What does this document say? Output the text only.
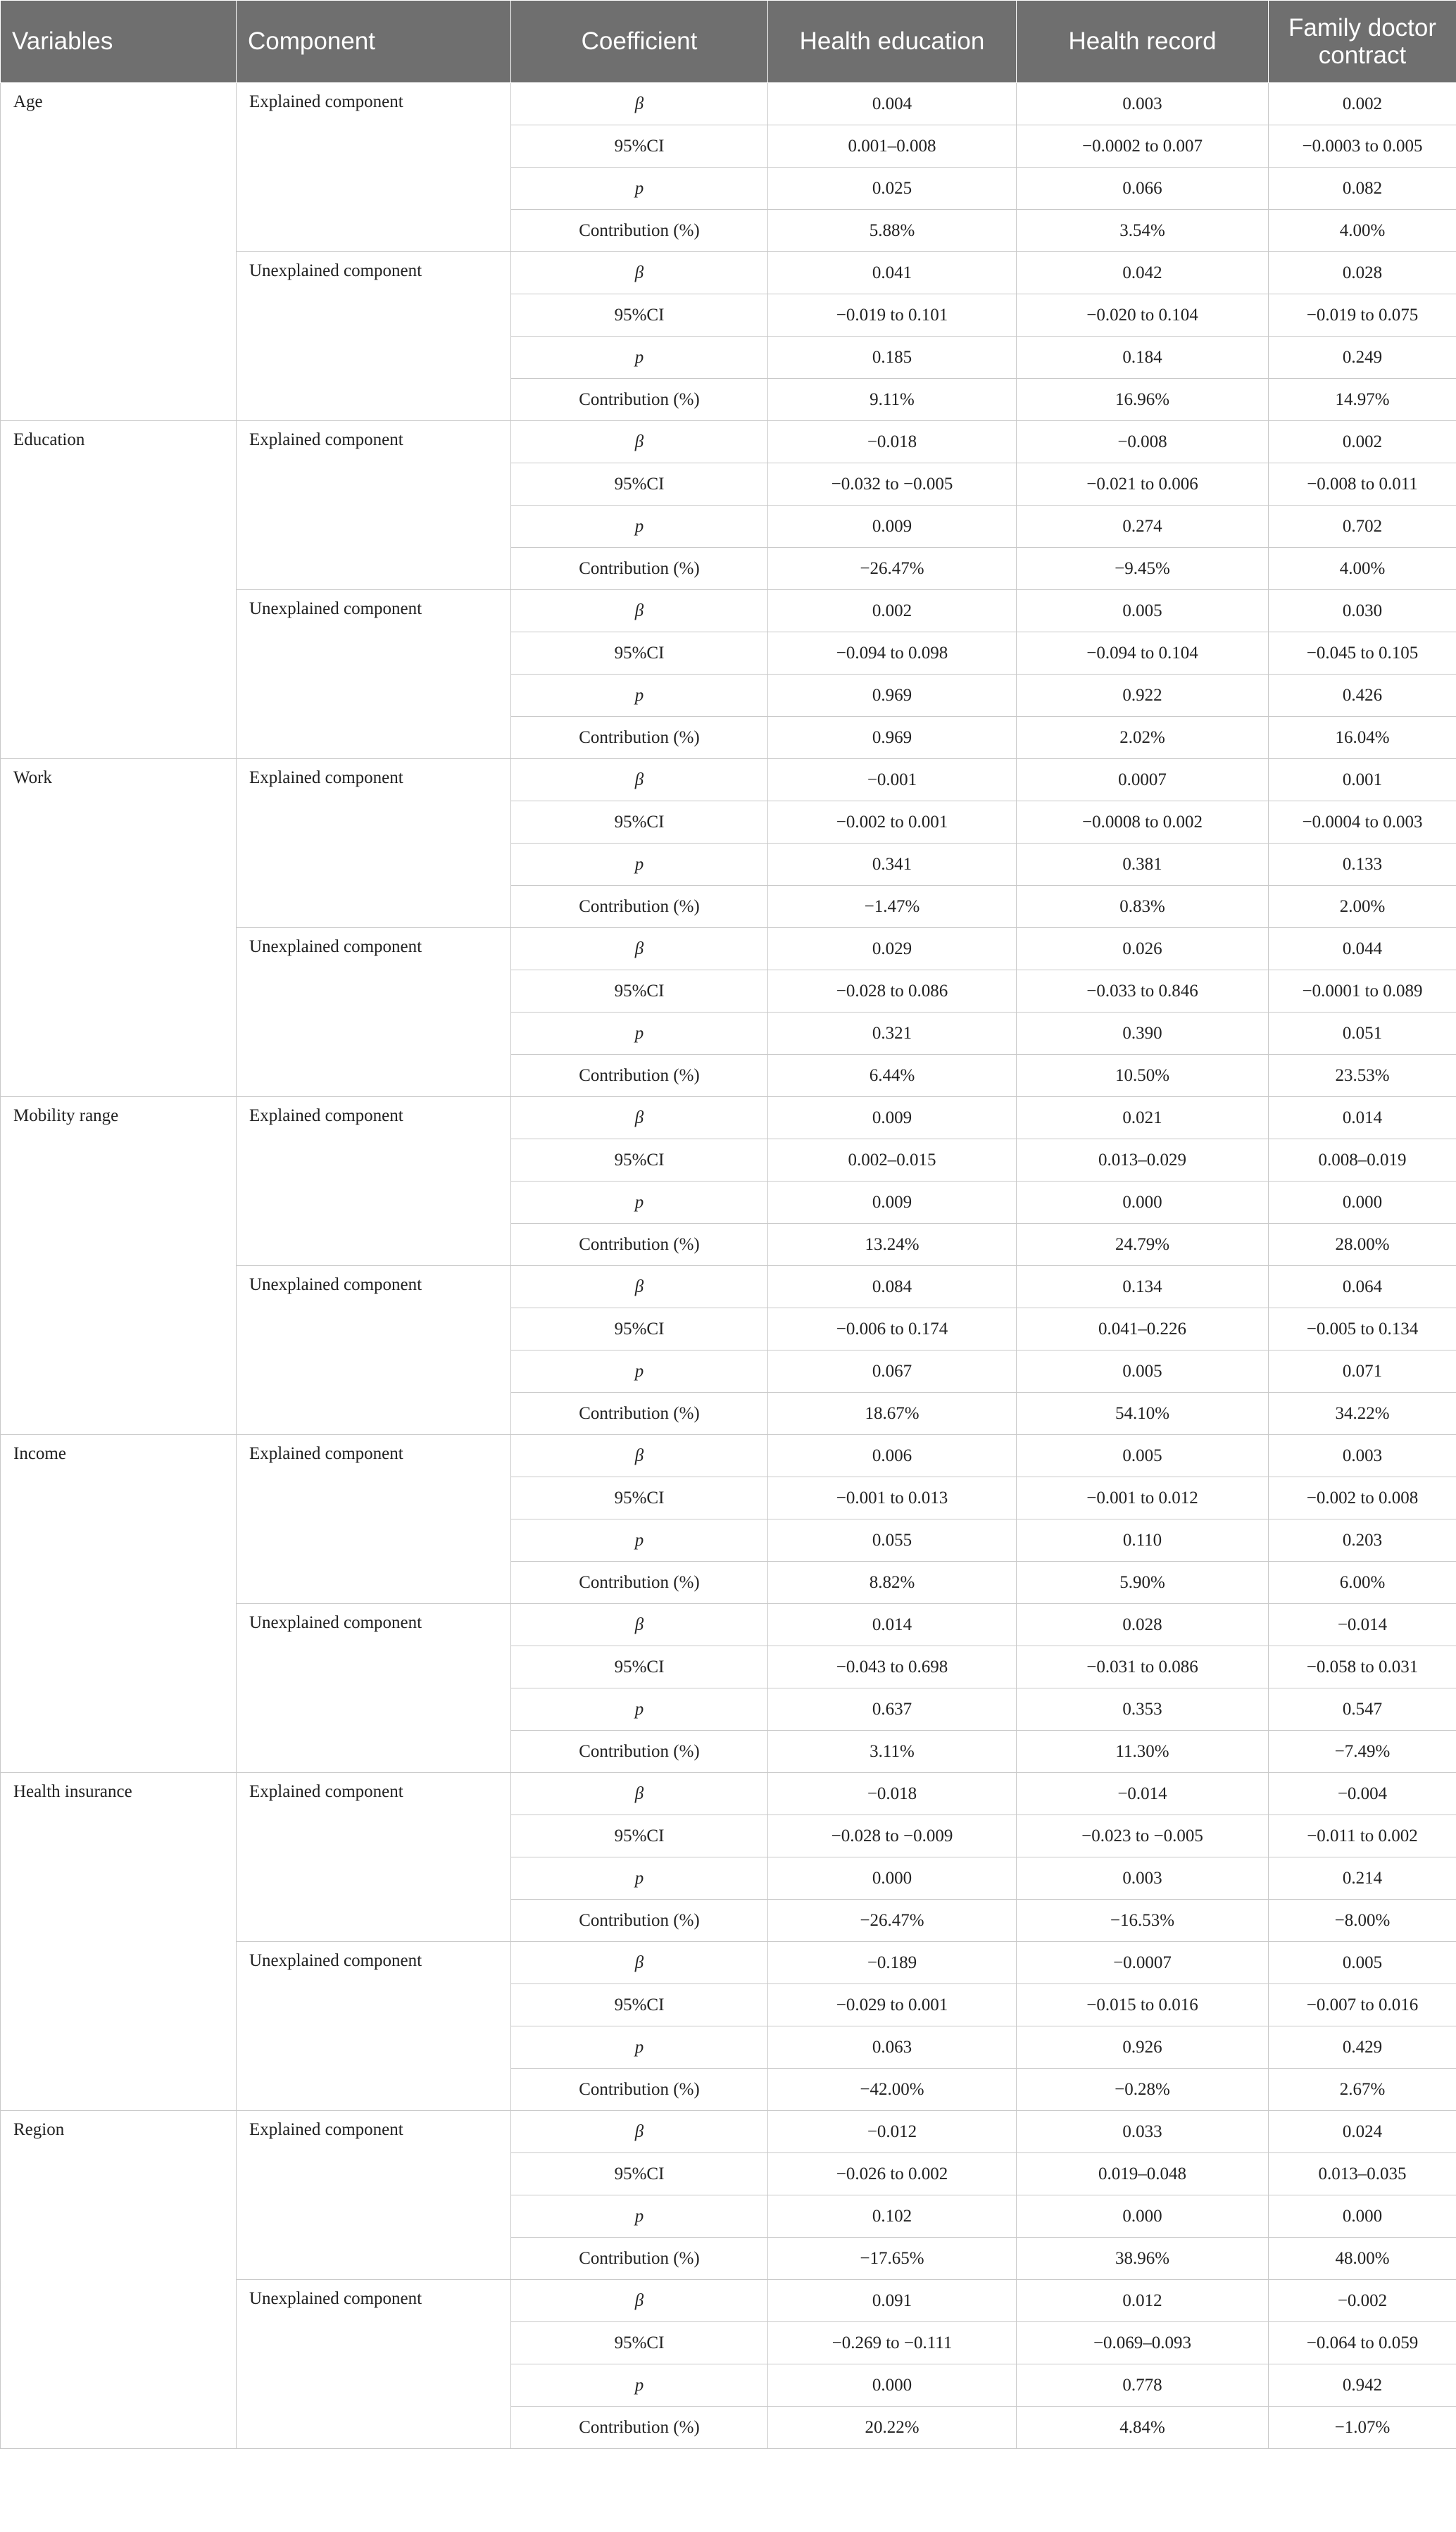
Variables	Component	Coefficient	Health education	Health record	Family doctor contract
Age	Explained component	β	0.004	0.003	0.002
		95%CI	0.001–0.008	−0.0002 to 0.007	−0.0003 to 0.005
		p	0.025	0.066	0.082
		Contribution (%)	5.88%	3.54%	4.00%
	Unexplained component	β	0.041	0.042	0.028
		95%CI	−0.019 to 0.101	−0.020 to 0.104	−0.019 to 0.075
		p	0.185	0.184	0.249
		Contribution (%)	9.11%	16.96%	14.97%
Education	Explained component	β	−0.018	−0.008	0.002
		95%CI	−0.032 to −0.005	−0.021 to 0.006	−0.008 to 0.011
		p	0.009	0.274	0.702
		Contribution (%)	−26.47%	−9.45%	4.00%
	Unexplained component	β	0.002	0.005	0.030
		95%CI	−0.094 to 0.098	−0.094 to 0.104	−0.045 to 0.105
		p	0.969	0.922	0.426
		Contribution (%)	0.969	2.02%	16.04%
Work	Explained component	β	−0.001	0.0007	0.001
		95%CI	−0.002 to 0.001	−0.0008 to 0.002	−0.0004 to 0.003
		p	0.341	0.381	0.133
		Contribution (%)	−1.47%	0.83%	2.00%
	Unexplained component	β	0.029	0.026	0.044
		95%CI	−0.028 to 0.086	−0.033 to 0.846	−0.0001 to 0.089
		p	0.321	0.390	0.051
		Contribution (%)	6.44%	10.50%	23.53%
Mobility range	Explained component	β	0.009	0.021	0.014
		95%CI	0.002–0.015	0.013–0.029	0.008–0.019
		p	0.009	0.000	0.000
		Contribution (%)	13.24%	24.79%	28.00%
	Unexplained component	β	0.084	0.134	0.064
		95%CI	−0.006 to 0.174	0.041–0.226	−0.005 to 0.134
		p	0.067	0.005	0.071
		Contribution (%)	18.67%	54.10%	34.22%
Income	Explained component	β	0.006	0.005	0.003
		95%CI	−0.001 to 0.013	−0.001 to 0.012	−0.002 to 0.008
		p	0.055	0.110	0.203
		Contribution (%)	8.82%	5.90%	6.00%
	Unexplained component	β	0.014	0.028	−0.014
		95%CI	−0.043 to 0.698	−0.031 to 0.086	−0.058 to 0.031
		p	0.637	0.353	0.547
		Contribution (%)	3.11%	11.30%	−7.49%
Health insurance	Explained component	β	−0.018	−0.014	−0.004
		95%CI	−0.028 to −0.009	−0.023 to −0.005	−0.011 to 0.002
		p	0.000	0.003	0.214
		Contribution (%)	−26.47%	−16.53%	−8.00%
	Unexplained component	β	−0.189	−0.0007	0.005
		95%CI	−0.029 to 0.001	−0.015 to 0.016	−0.007 to 0.016
		p	0.063	0.926	0.429
		Contribution (%)	−42.00%	−0.28%	2.67%
Region	Explained component	β	−0.012	0.033	0.024
		95%CI	−0.026 to 0.002	0.019–0.048	0.013–0.035
		p	0.102	0.000	0.000
		Contribution (%)	−17.65%	38.96%	48.00%
	Unexplained component	β	0.091	0.012	−0.002
		95%CI	−0.269 to −0.111	−0.069–0.093	−0.064 to 0.059
		p	0.000	0.778	0.942
		Contribution (%)	20.22%	4.84%	−1.07%
